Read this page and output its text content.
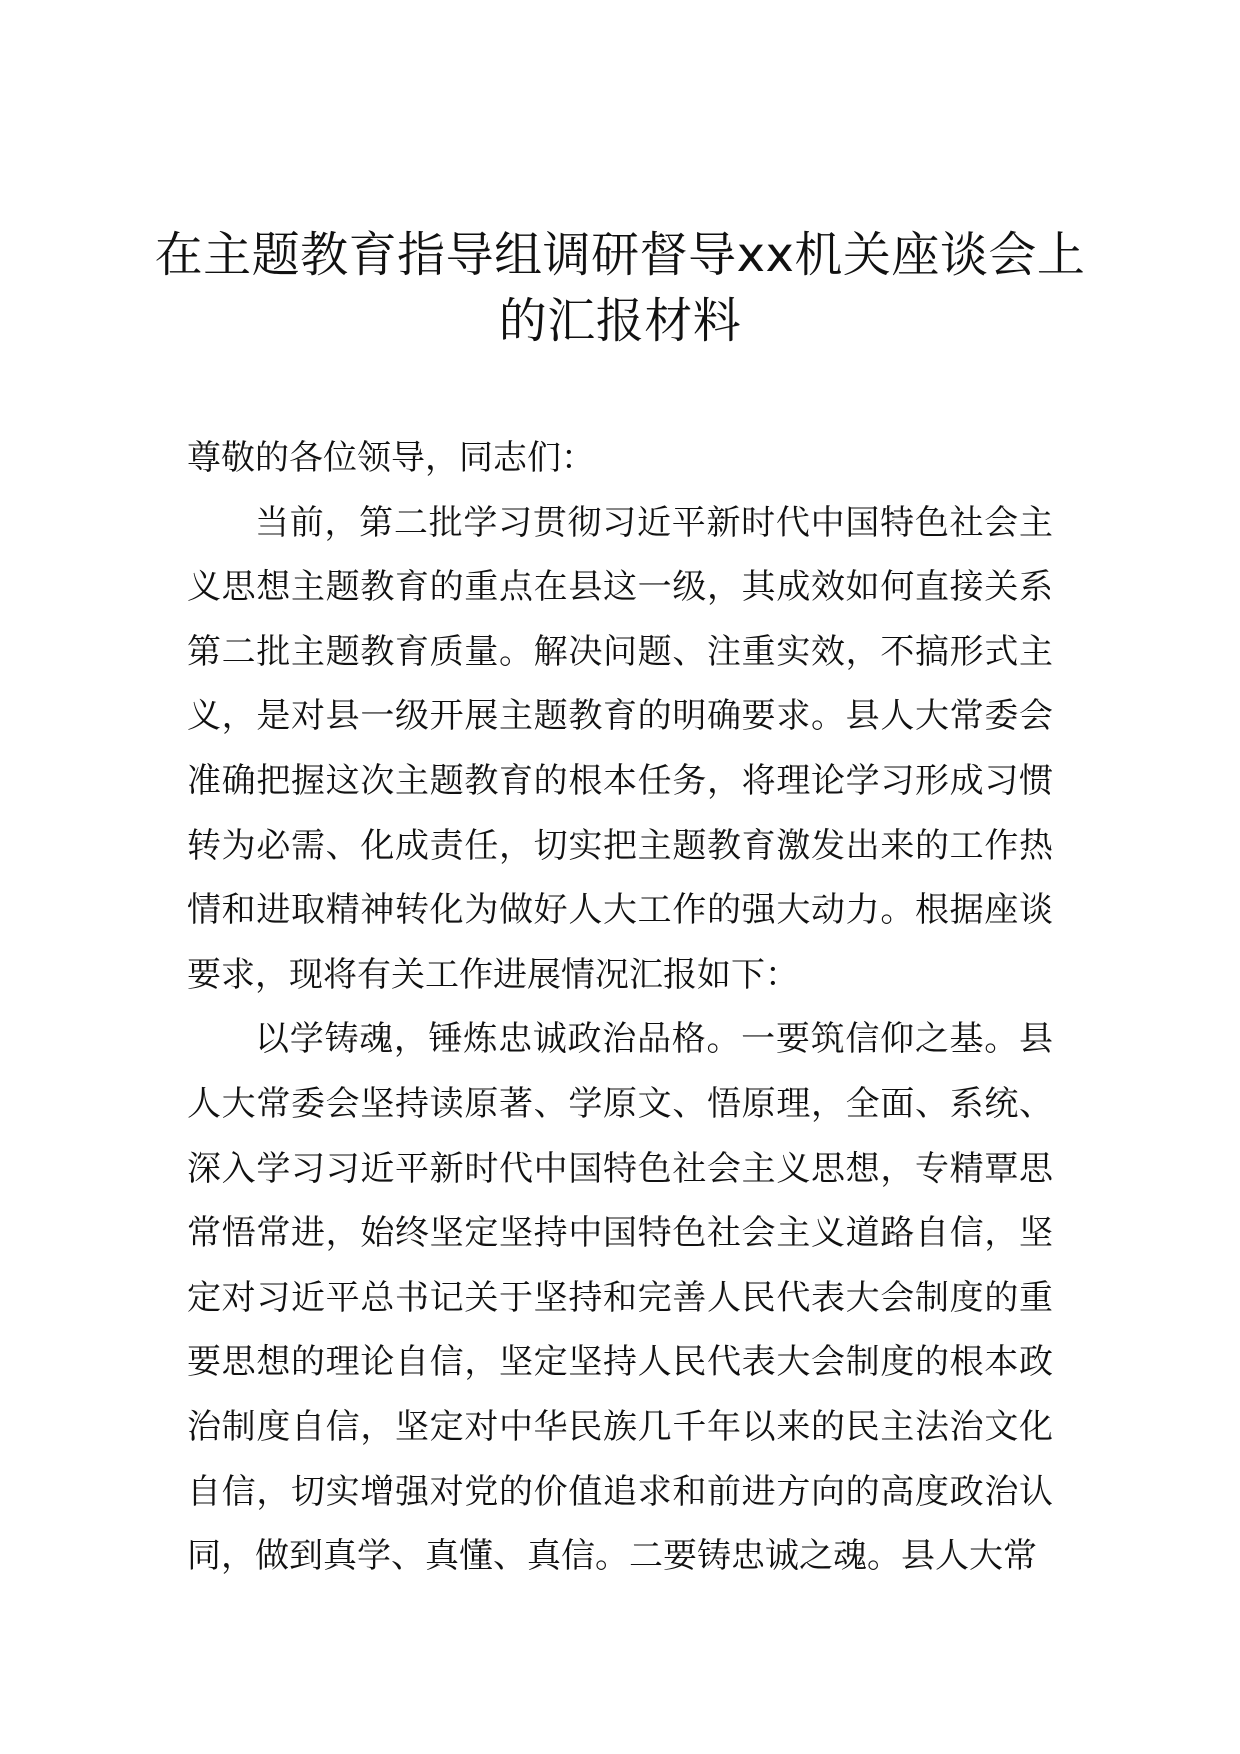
在主题教育指导组调研督导xx机关座谈会上的汇报材料

尊敬的各位领导，同志们：

当前，第二批学习贯彻习近平新时代中国特色社会主义思想主题教育的重点在县这一级，其成效如何直接关系第二批主题教育质量。解决问题、注重实效，不搞形式主义，是对县一级开展主题教育的明确要求。县人大常委会准确把握这次主题教育的根本任务，将理论学习形成习惯转为必需、化成责任，切实把主题教育激发出来的工作热情和进取精神转化为做好人大工作的强大动力。根据座谈要求，现将有关工作进展情况汇报如下：

以学铸魂，锤炼忠诚政治品格。一要筑信仰之基。县人大常委会坚持读原著、学原文、悟原理，全面、系统、深入学习习近平新时代中国特色社会主义思想，专精覃思常悟常进，始终坚定坚持中国特色社会主义道路自信，坚定对习近平总书记关于坚持和完善人民代表大会制度的重要思想的理论自信，坚定坚持人民代表大会制度的根本政治制度自信，坚定对中华民族几千年以来的民主法治文化自信，切实增强对党的价值追求和前进方向的高度政治认同，做到真学、真懂、真信。二要铸忠诚之魂。县人大常
